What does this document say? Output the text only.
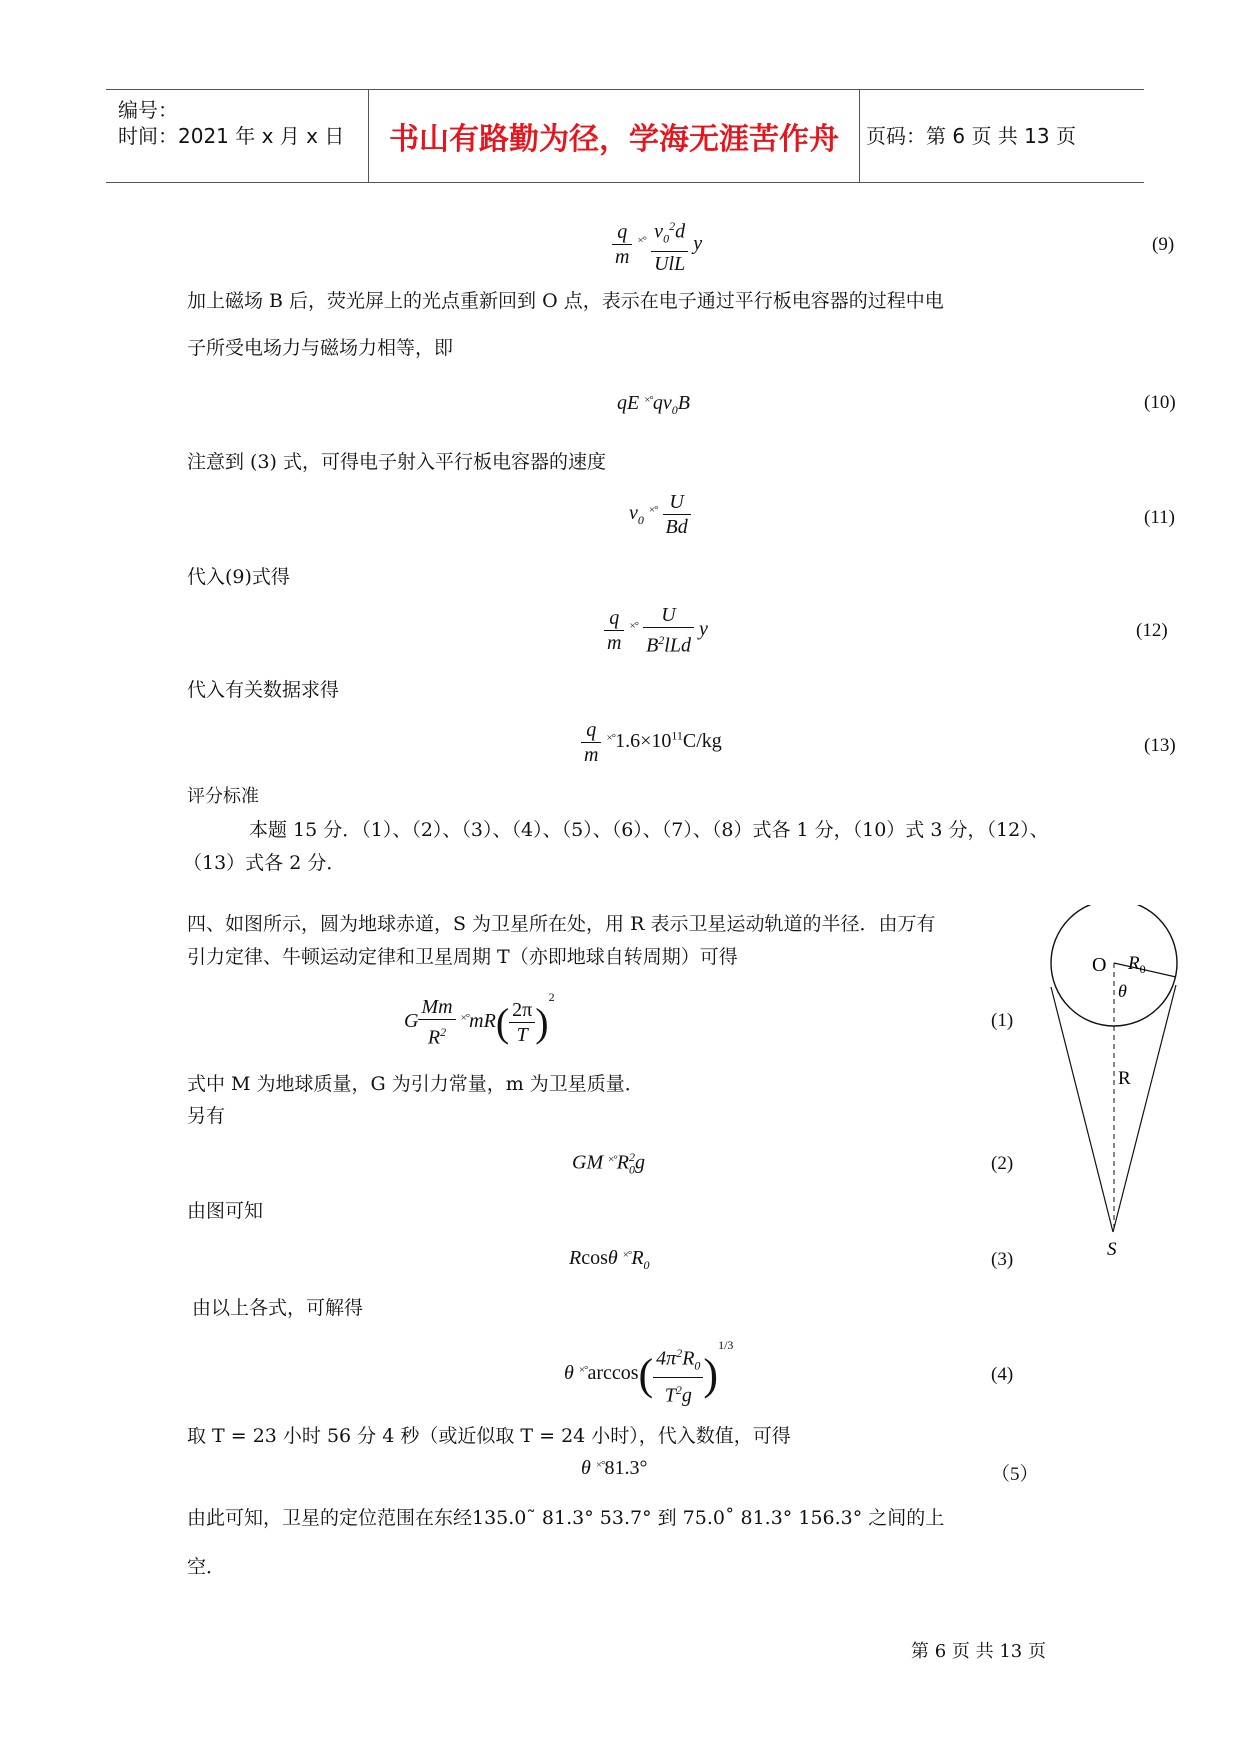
编号：
时间：2021 年 x 月 x 日	书山有路勤为径，学海无涯苦作舟	页码：第 6 页 共 13 页
$\frac{q}{m} ^{\times^\circ} \frac{v_0^2d}{\text{UlL}}$ y	(9)
加上磁场 B 后，荧光屏上的光点重新回到 O 点，表示在电子通过平行板电容器的过程中电
子所受电场力与磁场力相等，即
qE $^{\times^\circ}qv_0B$	(10)
注意到 (3) 式，可得电子射入平行板电容器的速度
$v_0$ $^{\times^\circ} \frac{U}{Bd}$	(11)
代入(9)式得
$\frac{q}{m} ^{\times^\circ} \frac{U}{B^2lLd}$ y	(12)
代入有关数据求得
$\frac{q}{m} ^{\times^\circ}1.6\times 10^{11}C/kg$	(13)
评分标准
本题 15 分．（1）、（2）、（3）、（4）、（5）、（6）、（7）、（8）式各 1 分，（10）式 3 分，（12）、
（13）式各 2 分．
四、如图所示，圆为地球赤道，S 为卫星所在处，用 R 表示卫星运动轨道的半径．由万有
引力定律、牛顿运动定律和卫星周期 T（亦即地球自转周期）可得
G $\frac{Mm}{R^2} ^{\times^\circ}mR( \frac{2\pi}{T} )^2$
(1)
式中 M 为地球质量，G 为引力常量，m 为卫星质量．
另有
GM $^{\times^\circ}R_0^2g$	(2)
由图可知
Rcosθ $^{\times^\circ}R_0$	(3)
由以上各式，可解得
θ $^{\times^\circ}\arccos( \frac{4\pi^2R_0}{T^2g} )^{1/3}$
(4)
取 T = 23 小时 56 分 4 秒（或近似取 T = 24 小时），代入数值，可得
θ ×°81.3°	（5）
由此可知，卫星的定位范围在东经135.0˜ 81.3° 53.7° 到 75.0˚ 81.3° 156.3° 之间的上
空．
O $R_0$
θ
R
S
第 6 页 共 13 页
